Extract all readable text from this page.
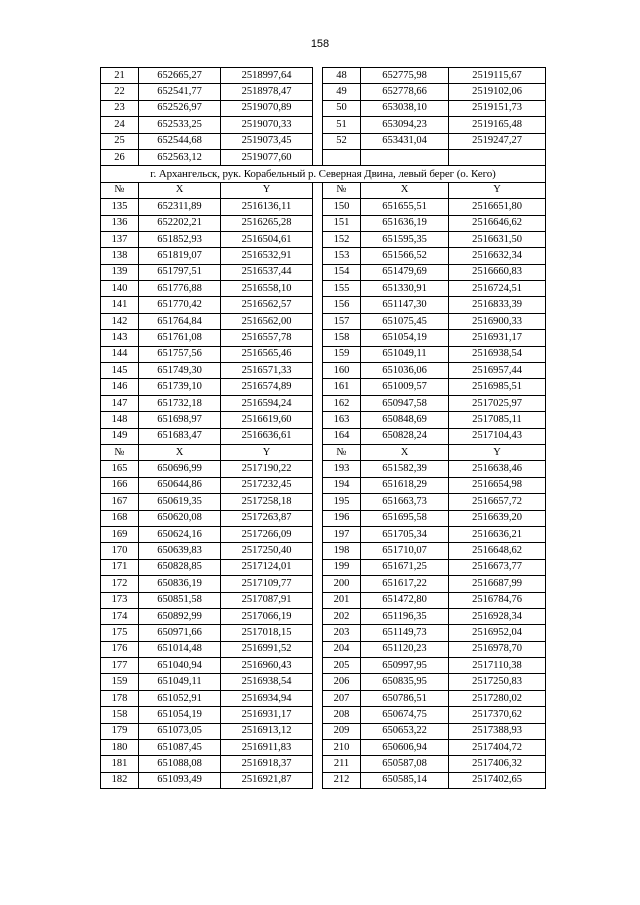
158
21	652665,27	2518997,64		48	652775,98	2519115,67
22	652541,77	2518978,47		49	652778,66	2519102,06
23	652526,97	2519070,89		50	653038,10	2519151,73
24	652533,25	2519070,33		51	653094,23	2519165,48
25	652544,68	2519073,45		52	653431,04	2519247,27
26	652563,12	2519077,60				
г. Архангельск, рук. Корабельный р. Северная Двина, левый берег (о. Кего)						
№	X	Y		№	X	Y
135	652311,89	2516136,11		150	651655,51	2516651,80
136	652202,21	2516265,28		151	651636,19	2516646,62
137	651852,93	2516504,61		152	651595,35	2516631,50
138	651819,07	2516532,91		153	651566,52	2516632,34
139	651797,51	2516537,44		154	651479,69	2516660,83
140	651776,88	2516558,10		155	651330,91	2516724,51
141	651770,42	2516562,57		156	651147,30	2516833,39
142	651764,84	2516562,00		157	651075,45	2516900,33
143	651761,08	2516557,78		158	651054,19	2516931,17
144	651757,56	2516565,46		159	651049,11	2516938,54
145	651749,30	2516571,33		160	651036,06	2516957,44
146	651739,10	2516574,89		161	651009,57	2516985,51
147	651732,18	2516594,24		162	650947,58	2517025,97
148	651698,97	2516619,60		163	650848,69	2517085,11
149	651683,47	2516636,61		164	650828,24	2517104,43
№	X	Y		№	X	Y
165	650696,99	2517190,22		193	651582,39	2516638,46
166	650644,86	2517232,45		194	651618,29	2516654,98
167	650619,35	2517258,18		195	651663,73	2516657,72
168	650620,08	2517263,87		196	651695,58	2516639,20
169	650624,16	2517266,09		197	651705,34	2516636,21
170	650639,83	2517250,40		198	651710,07	2516648,62
171	650828,85	2517124,01		199	651671,25	2516673,77
172	650836,19	2517109,77		200	651617,22	2516687,99
173	650851,58	2517087,91		201	651472,80	2516784,76
174	650892,99	2517066,19		202	651196,35	2516928,34
175	650971,66	2517018,15		203	651149,73	2516952,04
176	651014,48	2516991,52		204	651120,23	2516978,70
177	651040,94	2516960,43		205	650997,95	2517110,38
159	651049,11	2516938,54		206	650835,95	2517250,83
178	651052,91	2516934,94		207	650786,51	2517280,02
158	651054,19	2516931,17		208	650674,75	2517370,62
179	651073,05	2516913,12		209	650653,22	2517388,93
180	651087,45	2516911,83		210	650606,94	2517404,72
181	651088,08	2516918,37		211	650587,08	2517406,32
182	651093,49	2516921,87		212	650585,14	2517402,65
